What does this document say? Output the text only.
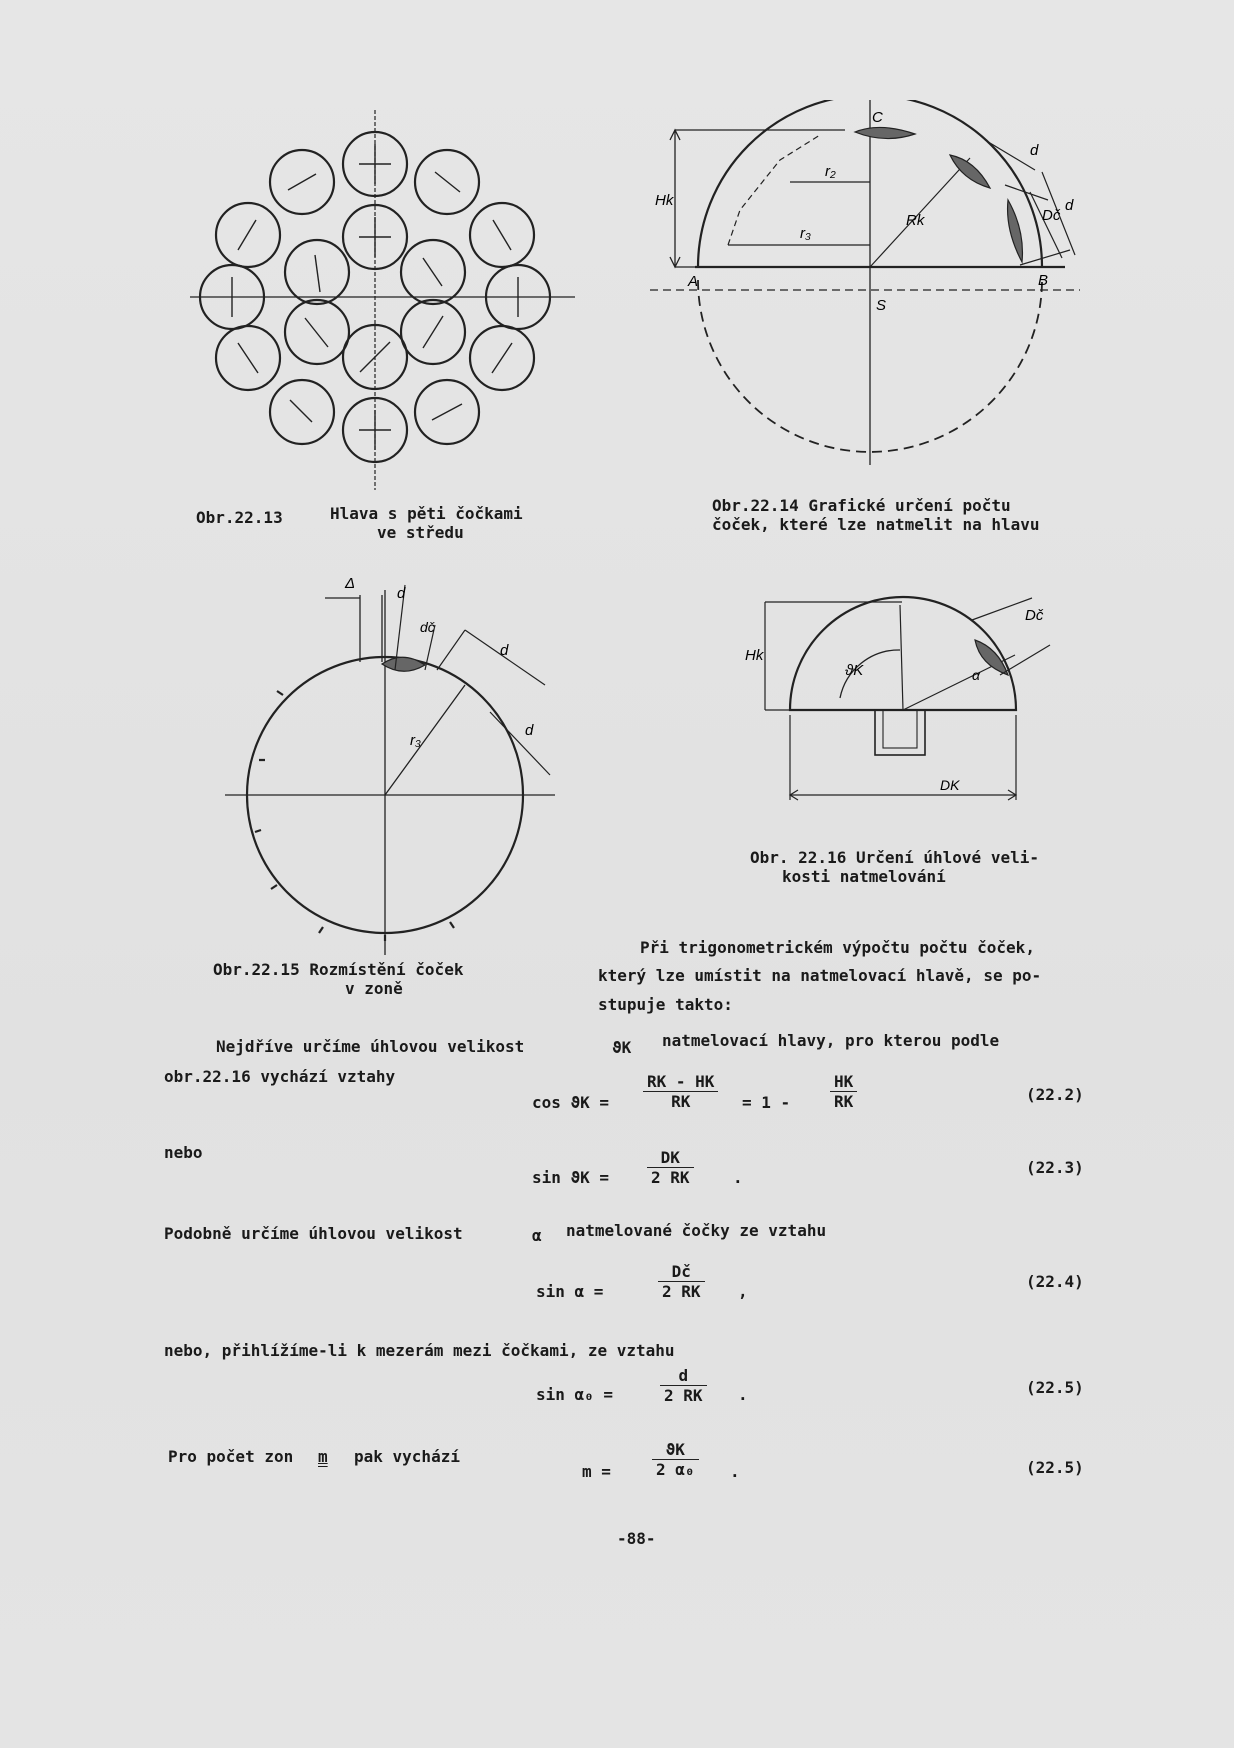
Obr.22.13	Hlava s pěti čočkami
ve středu
C
A	B
S
Hk
r₂
r₃
Rk	Dč
d
d
Obr.22.14 Grafické určení počtu
čoček, které lze natmelit na hlavu
Δ
d
dč
d
d
r₃
Obr.22.15 Rozmístění čoček
v zoně
Hk
Dč
ϑK	α
DK
Obr. 22.16 Určení úhlové veli-
kosti natmelování
Při trigonometrickém výpočtu počtu čoček,
který lze umístit na natmelovací hlavě, se po-
stupuje takto:
Nejdříve určíme úhlovou velikost	ϑK natmelovací hlavy, pro kterou podle
obr.22.16 vychází vztahy
$\cos ϑK = \frac{RK - HK}{RK} = 1 - \frac{HK}{RK}$	(22.2)
nebo
$\sin ϑK = \frac{DK}{2 RK}$ .
(22.3)
Podobně určíme úhlovou velikost	α natmelované čočky ze vztahu
sin α =	$\frac{Dč}{2 RK}$ ,
(22.4)
nebo, přihlížíme-li k mezerám mezi čočkami, ze vztahu
sin α₀ =	$\frac{d}{2 RK}$ .	(22.5)
Pro počet zon m pak vychází
m =	$\frac{ϑK}{\text{2 α₀}}$ .	(22.5)
-88-
